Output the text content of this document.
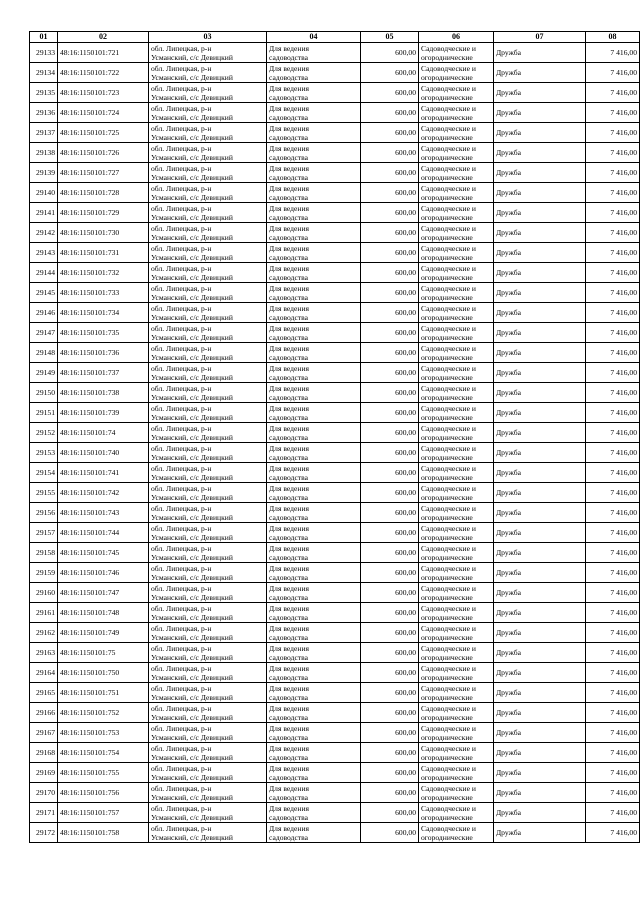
01	02	03	04	05	06	07	08
29133	48:16:1150101:721	обл. Липецкая, р-н
Усманский, с/с Девицкий	Для ведения
садоводства	600,00	Садоводческие и
огороднические	Дружба	7 416,00
29134	48:16:1150101:722	обл. Липецкая, р-н
Усманский, с/с Девицкий	Для ведения
садоводства	600,00	Садоводческие и
огороднические	Дружба	7 416,00
29135	48:16:1150101:723	обл. Липецкая, р-н
Усманский, с/с Девицкий	Для ведения
садоводства	600,00	Садоводческие и
огороднические	Дружба	7 416,00
29136	48:16:1150101:724	обл. Липецкая, р-н
Усманский, с/с Девицкий	Для ведения
садоводства	600,00	Садоводческие и
огороднические	Дружба	7 416,00
29137	48:16:1150101:725	обл. Липецкая, р-н
Усманский, с/с Девицкий	Для ведения
садоводства	600,00	Садоводческие и
огороднические	Дружба	7 416,00
29138	48:16:1150101:726	обл. Липецкая, р-н
Усманский, с/с Девицкий	Для ведения
садоводства	600,00	Садоводческие и
огороднические	Дружба	7 416,00
29139	48:16:1150101:727	обл. Липецкая, р-н
Усманский, с/с Девицкий	Для ведения
садоводства	600,00	Садоводческие и
огороднические	Дружба	7 416,00
29140	48:16:1150101:728	обл. Липецкая, р-н
Усманский, с/с Девицкий	Для ведения
садоводства	600,00	Садоводческие и
огороднические	Дружба	7 416,00
29141	48:16:1150101:729	обл. Липецкая, р-н
Усманский, с/с Девицкий	Для ведения
садоводства	600,00	Садоводческие и
огороднические	Дружба	7 416,00
29142	48:16:1150101:730	обл. Липецкая, р-н
Усманский, с/с Девицкий	Для ведения
садоводства	600,00	Садоводческие и
огороднические	Дружба	7 416,00
29143	48:16:1150101:731	обл. Липецкая, р-н
Усманский, с/с Девицкий	Для ведения
садоводства	600,00	Садоводческие и
огороднические	Дружба	7 416,00
29144	48:16:1150101:732	обл. Липецкая, р-н
Усманский, с/с Девицкий	Для ведения
садоводства	600,00	Садоводческие и
огороднические	Дружба	7 416,00
29145	48:16:1150101:733	обл. Липецкая, р-н
Усманский, с/с Девицкий	Для ведения
садоводства	600,00	Садоводческие и
огороднические	Дружба	7 416,00
29146	48:16:1150101:734	обл. Липецкая, р-н
Усманский, с/с Девицкий	Для ведения
садоводства	600,00	Садоводческие и
огороднические	Дружба	7 416,00
29147	48:16:1150101:735	обл. Липецкая, р-н
Усманский, с/с Девицкий	Для ведения
садоводства	600,00	Садоводческие и
огороднические	Дружба	7 416,00
29148	48:16:1150101:736	обл. Липецкая, р-н
Усманский, с/с Девицкий	Для ведения
садоводства	600,00	Садоводческие и
огороднические	Дружба	7 416,00
29149	48:16:1150101:737	обл. Липецкая, р-н
Усманский, с/с Девицкий	Для ведения
садоводства	600,00	Садоводческие и
огороднические	Дружба	7 416,00
29150	48:16:1150101:738	обл. Липецкая, р-н
Усманский, с/с Девицкий	Для ведения
садоводства	600,00	Садоводческие и
огороднические	Дружба	7 416,00
29151	48:16:1150101:739	обл. Липецкая, р-н
Усманский, с/с Девицкий	Для ведения
садоводства	600,00	Садоводческие и
огороднические	Дружба	7 416,00
29152	48:16:1150101:74	обл. Липецкая, р-н
Усманский, с/с Девицкий	Для ведения
садоводства	600,00	Садоводческие и
огороднические	Дружба	7 416,00
29153	48:16:1150101:740	обл. Липецкая, р-н
Усманский, с/с Девицкий	Для ведения
садоводства	600,00	Садоводческие и
огороднические	Дружба	7 416,00
29154	48:16:1150101:741	обл. Липецкая, р-н
Усманский, с/с Девицкий	Для ведения
садоводства	600,00	Садоводческие и
огороднические	Дружба	7 416,00
29155	48:16:1150101:742	обл. Липецкая, р-н
Усманский, с/с Девицкий	Для ведения
садоводства	600,00	Садоводческие и
огороднические	Дружба	7 416,00
29156	48:16:1150101:743	обл. Липецкая, р-н
Усманский, с/с Девицкий	Для ведения
садоводства	600,00	Садоводческие и
огороднические	Дружба	7 416,00
29157	48:16:1150101:744	обл. Липецкая, р-н
Усманский, с/с Девицкий	Для ведения
садоводства	600,00	Садоводческие и
огороднические	Дружба	7 416,00
29158	48:16:1150101:745	обл. Липецкая, р-н
Усманский, с/с Девицкий	Для ведения
садоводства	600,00	Садоводческие и
огороднические	Дружба	7 416,00
29159	48:16:1150101:746	обл. Липецкая, р-н
Усманский, с/с Девицкий	Для ведения
садоводства	600,00	Садоводческие и
огороднические	Дружба	7 416,00
29160	48:16:1150101:747	обл. Липецкая, р-н
Усманский, с/с Девицкий	Для ведения
садоводства	600,00	Садоводческие и
огороднические	Дружба	7 416,00
29161	48:16:1150101:748	обл. Липецкая, р-н
Усманский, с/с Девицкий	Для ведения
садоводства	600,00	Садоводческие и
огороднические	Дружба	7 416,00
29162	48:16:1150101:749	обл. Липецкая, р-н
Усманский, с/с Девицкий	Для ведения
садоводства	600,00	Садоводческие и
огороднические	Дружба	7 416,00
29163	48:16:1150101:75	обл. Липецкая, р-н
Усманский, с/с Девицкий	Для ведения
садоводства	600,00	Садоводческие и
огороднические	Дружба	7 416,00
29164	48:16:1150101:750	обл. Липецкая, р-н
Усманский, с/с Девицкий	Для ведения
садоводства	600,00	Садоводческие и
огороднические	Дружба	7 416,00
29165	48:16:1150101:751	обл. Липецкая, р-н
Усманский, с/с Девицкий	Для ведения
садоводства	600,00	Садоводческие и
огороднические	Дружба	7 416,00
29166	48:16:1150101:752	обл. Липецкая, р-н
Усманский, с/с Девицкий	Для ведения
садоводства	600,00	Садоводческие и
огороднические	Дружба	7 416,00
29167	48:16:1150101:753	обл. Липецкая, р-н
Усманский, с/с Девицкий	Для ведения
садоводства	600,00	Садоводческие и
огороднические	Дружба	7 416,00
29168	48:16:1150101:754	обл. Липецкая, р-н
Усманский, с/с Девицкий	Для ведения
садоводства	600,00	Садоводческие и
огороднические	Дружба	7 416,00
29169	48:16:1150101:755	обл. Липецкая, р-н
Усманский, с/с Девицкий	Для ведения
садоводства	600,00	Садоводческие и
огороднические	Дружба	7 416,00
29170	48:16:1150101:756	обл. Липецкая, р-н
Усманский, с/с Девицкий	Для ведения
садоводства	600,00	Садоводческие и
огороднические	Дружба	7 416,00
29171	48:16:1150101:757	обл. Липецкая, р-н
Усманский, с/с Девицкий	Для ведения
садоводства	600,00	Садоводческие и
огороднические	Дружба	7 416,00
29172	48:16:1150101:758	обл. Липецкая, р-н
Усманский, с/с Девицкий	Для ведения
садоводства	600,00	Садоводческие и
огороднические	Дружба	7 416,00
